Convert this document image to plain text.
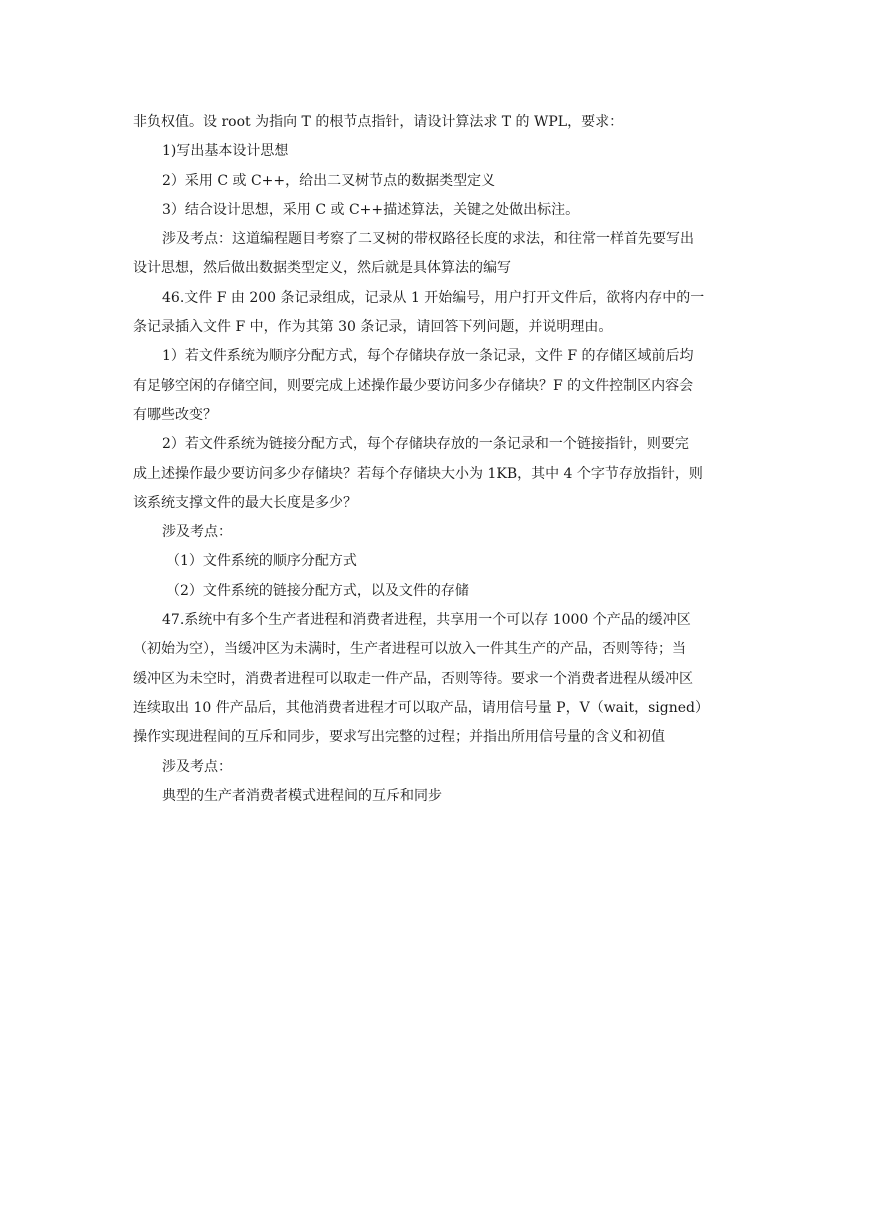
非负权值。设 root 为指向 T 的根节点指针，请设计算法求 T 的 WPL，要求：
1)写出基本设计思想
2）采用 C 或 C++，给出二叉树节点的数据类型定义
3）结合设计思想，采用 C 或 C++描述算法，关键之处做出标注。
涉及考点：这道编程题目考察了二叉树的带权路径长度的求法，和往常一样首先要写出
设计思想，然后做出数据类型定义，然后就是具体算法的编写
46.文件 F 由 200 条记录组成，记录从 1 开始编号，用户打开文件后，欲将内存中的一
条记录插入文件 F 中，作为其第 30 条记录，请回答下列问题，并说明理由。
1）若文件系统为顺序分配方式，每个存储块存放一条记录，文件 F 的存储区域前后均
有足够空闲的存储空间，则要完成上述操作最少要访问多少存储块？F 的文件控制区内容会
有哪些改变？
2）若文件系统为链接分配方式，每个存储块存放的一条记录和一个链接指针，则要完
成上述操作最少要访问多少存储块？若每个存储块大小为 1KB，其中 4 个字节存放指针，则
该系统支撑文件的最大长度是多少？
涉及考点：
（1）文件系统的顺序分配方式
（2）文件系统的链接分配方式，以及文件的存储
47.系统中有多个生产者进程和消费者进程，共享用一个可以存 1000 个产品的缓冲区
（初始为空），当缓冲区为未满时，生产者进程可以放入一件其生产的产品，否则等待；当
缓冲区为未空时，消费者进程可以取走一件产品，否则等待。要求一个消费者进程从缓冲区
连续取出 10 件产品后，其他消费者进程才可以取产品，请用信号量 P，V（wait，signed）
操作实现进程间的互斥和同步，要求写出完整的过程；并指出所用信号量的含义和初值
涉及考点：
典型的生产者消费者模式进程间的互斥和同步
